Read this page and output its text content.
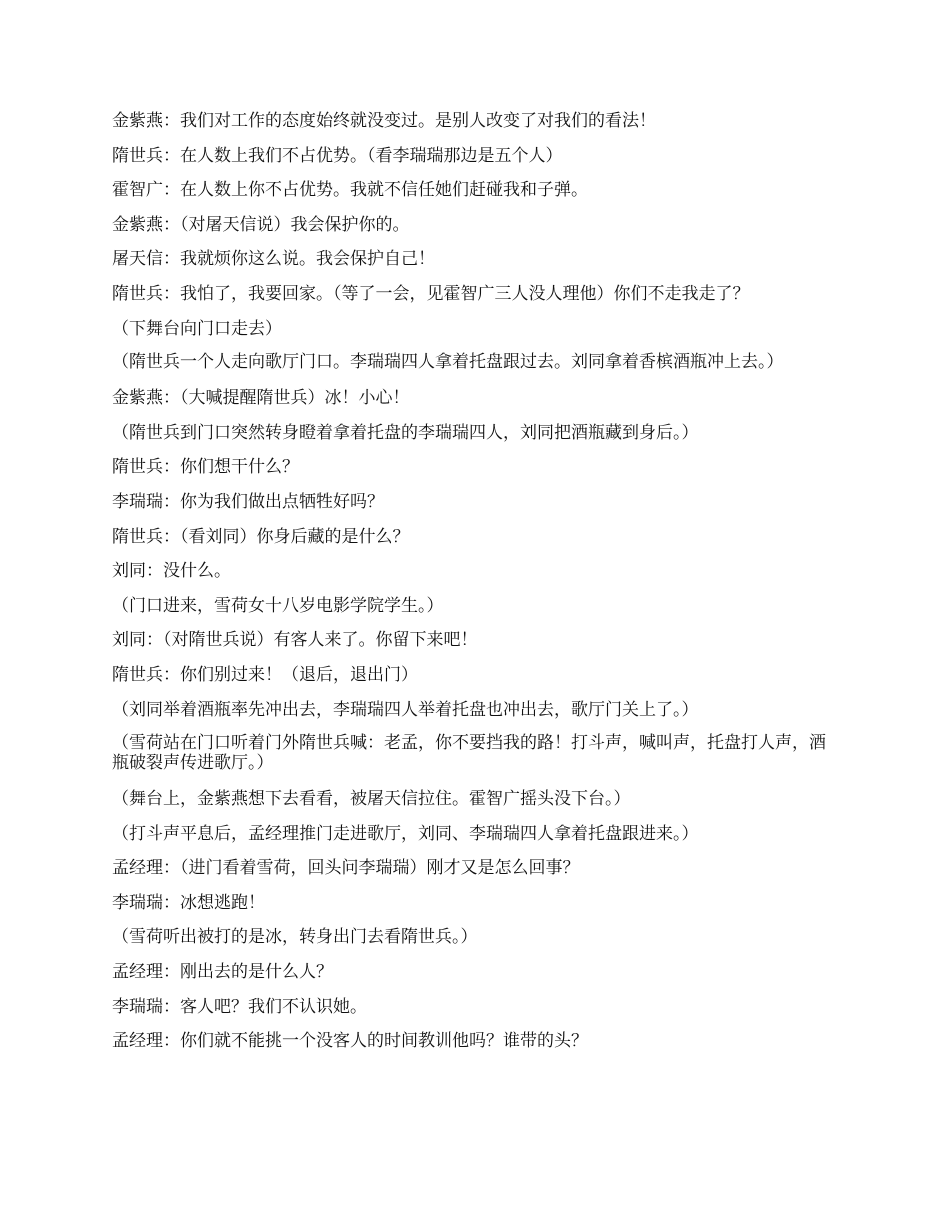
金紫燕：我们对工作的态度始终就没变过。是别人改变了对我们的看法！

隋世兵：在人数上我们不占优势。（看李瑞瑞那边是五个人）

霍智广：在人数上你不占优势。我就不信任她们赶碰我和子弹。

金紫燕：（对屠天信说）我会保护你的。

屠天信：我就烦你这么说。我会保护自己！

隋世兵：我怕了，我要回家。（等了一会，见霍智广三人没人理他）你们不走我走了？

（下舞台向门口走去）

（隋世兵一个人走向歌厅门口。李瑞瑞四人拿着托盘跟过去。刘同拿着香槟酒瓶冲上去。）

金紫燕：（大喊提醒隋世兵）冰！小心！

（隋世兵到门口突然转身瞪着拿着托盘的李瑞瑞四人，刘同把酒瓶藏到身后。）

隋世兵：你们想干什么？

李瑞瑞：你为我们做出点牺牲好吗？

隋世兵：（看刘同）你身后藏的是什么？

刘同：没什么。

（门口进来，雪荷女十八岁电影学院学生。）

刘同：（对隋世兵说）有客人来了。你留下来吧！

隋世兵：你们别过来！（退后，退出门）

（刘同举着酒瓶率先冲出去，李瑞瑞四人举着托盘也冲出去，歌厅门关上了。）

（雪荷站在门口听着门外隋世兵喊：老孟，你不要挡我的路！打斗声，喊叫声，托盘打人声，酒瓶破裂声传进歌厅。）

（舞台上，金紫燕想下去看看，被屠天信拉住。霍智广摇头没下台。）

（打斗声平息后，孟经理推门走进歌厅，刘同、李瑞瑞四人拿着托盘跟进来。）

孟经理：（进门看着雪荷，回头问李瑞瑞）刚才又是怎么回事？

李瑞瑞：冰想逃跑！

（雪荷听出被打的是冰，转身出门去看隋世兵。）

孟经理：刚出去的是什么人？

李瑞瑞：客人吧？我们不认识她。

孟经理：你们就不能挑一个没客人的时间教训他吗？谁带的头？
